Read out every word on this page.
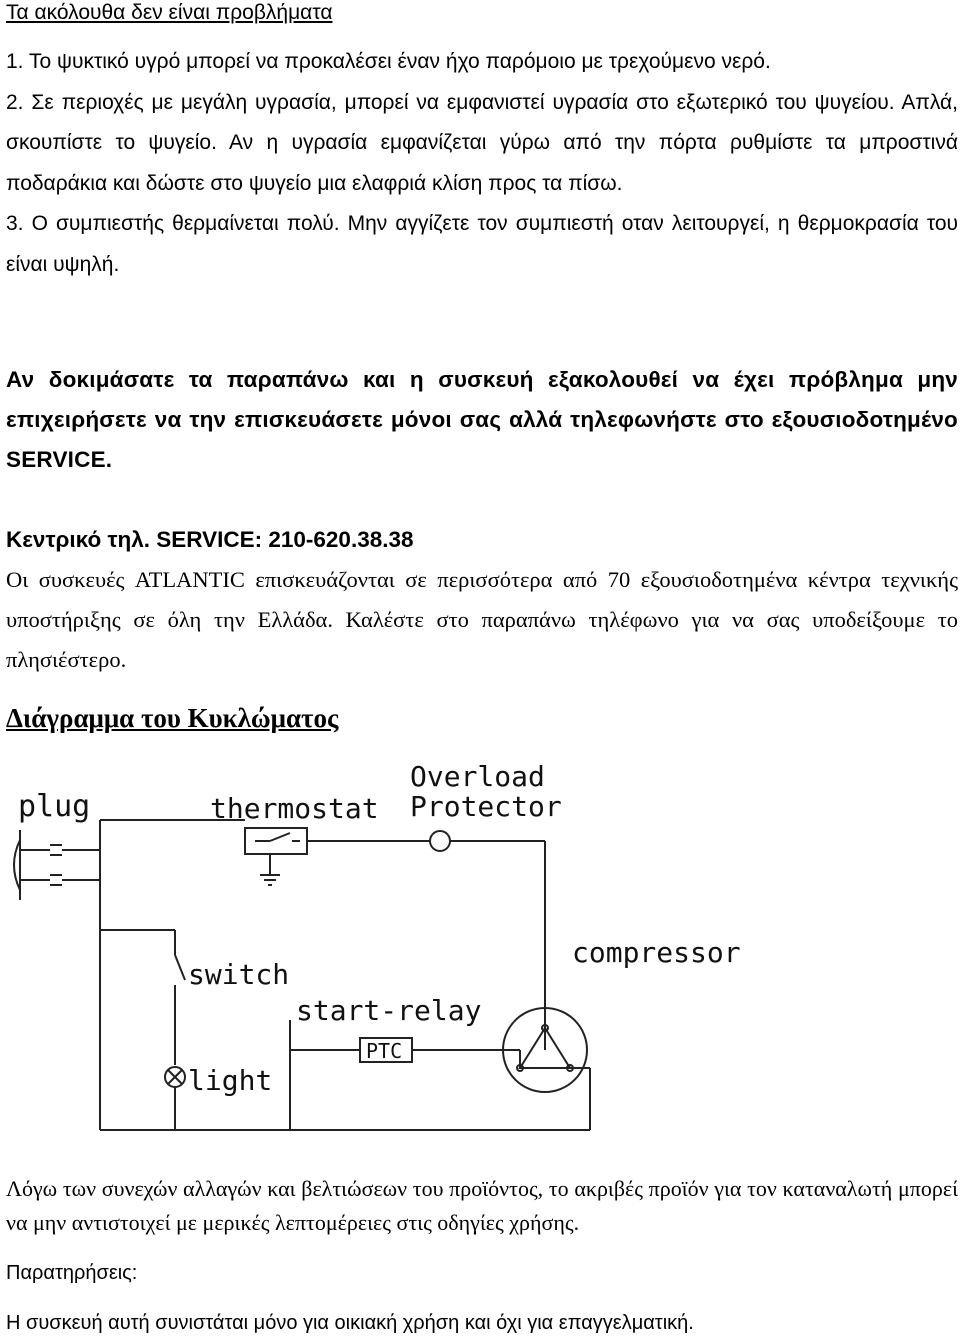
Τα ακόλουθα δεν είναι προβλήματα

1. Το ψυκτικό υγρό μπορεί να προκαλέσει έναν ήχο παρόμοιο με τρεχούμενο νερό.

2. Σε περιοχές με μεγάλη υγρασία, μπορεί να εμφανιστεί υγρασία στο εξωτερικό του ψυγείου. Απλά, σκουπίστε το ψυγείο. Αν η υγρασία εμφανίζεται γύρω από την πόρτα ρυθμίστε τα μπροστινά ποδαράκια και δώστε στο ψυγείο μια ελαφριά κλίση προς τα πίσω.

3. Ο συμπιεστής θερμαίνεται πολύ. Μην αγγίζετε τον συμπιεστή οταν λειτουργεί, η θερμοκρασία του είναι υψηλή.

Αν δοκιμάσατε τα παραπάνω και η συσκευή εξακολουθεί να έχει πρόβλημα μην επιχειρήσετε να την επισκευάσετε μόνοι σας αλλά τηλεφωνήστε στο εξουσιοδοτημένο SERVICE.
Κεντρικό τηλ. SERVICE: 210-620.38.38
Οι συσκευές ATLANTIC επισκευάζονται σε περισσότερα από 70 εξουσιοδοτημένα κέντρα τεχνικής υποστήριξης σε όλη την Ελλάδα. Καλέστε στο παραπάνω τηλέφωνο για να σας υποδείξουμε το πλησιέστερο.
Διάγραμμα του Κυκλώματος
plug	thermostat
Overload
Protector
compressor
switch
start-relay
PTC
light
Λόγω των συνεχών αλλαγών και βελτιώσεων του προϊόντος, το ακριβές προϊόν για τον καταναλωτή μπορεί να μην αντιστοιχεί με μερικές λεπτομέρειες στις οδηγίες χρήσης.
Παρατηρήσεις:
Η συσκευή αυτή συνιστάται μόνο για οικιακή χρήση και όχι για επαγγελματική.
